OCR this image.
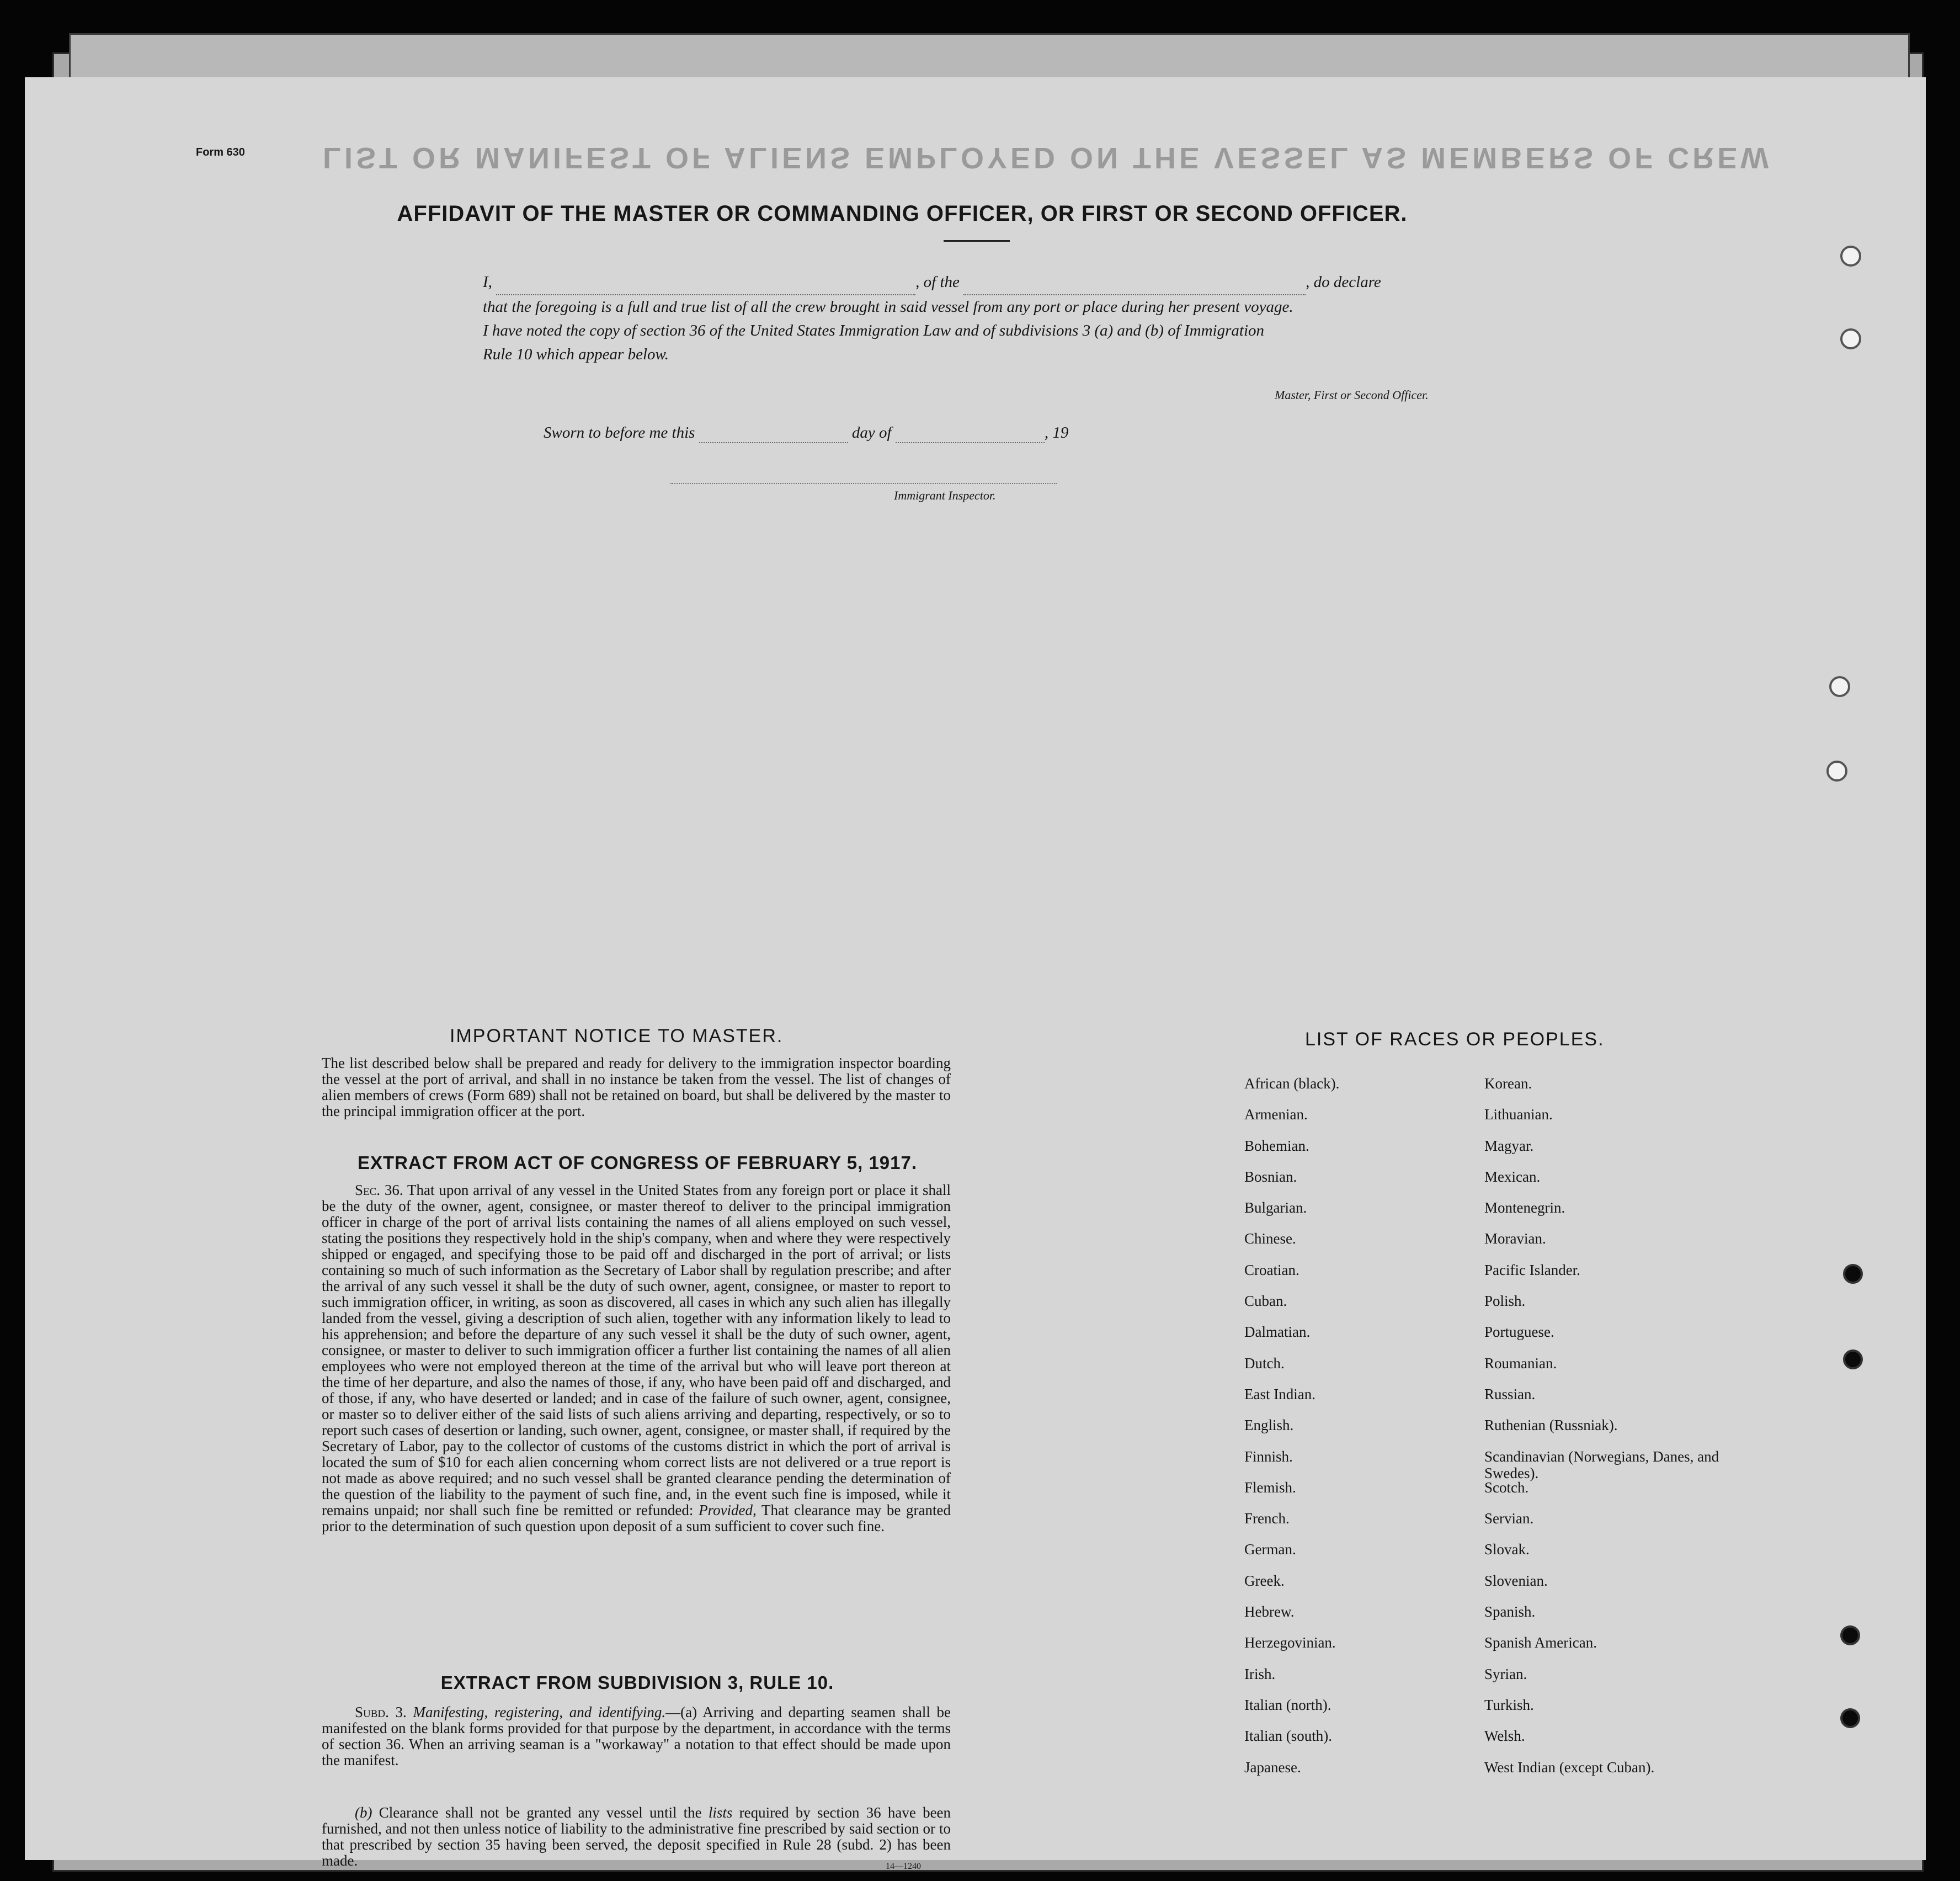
LIST OR MANIFEST OF ALIENS EMPLOYED ON THE VESSEL AS MEMBERS OF CREW
Form 630
AFFIDAVIT OF THE MASTER OR COMMANDING OFFICER, OR FIRST OR SECOND OFFICER.
I,	, of the	, do declare
that the foregoing is a full and true list of all the crew brought in said vessel from any port or place during her present voyage.
I have noted the copy of section 36 of the United States Immigration Law and of subdivisions 3 (a) and (b) of Immigration
Rule 10 which appear below.
Master, First or Second Officer.
Sworn to before me this	day of	, 19
Immigrant Inspector.
IMPORTANT NOTICE TO MASTER.
The list described below shall be prepared and ready for delivery to the immigration inspector boarding the vessel at the port of arrival, and shall in no instance be taken from the vessel. The list of changes of alien members of crews (Form 689) shall not be retained on board, but shall be delivered by the master to the principal immigration officer at the port.
EXTRACT FROM ACT OF CONGRESS OF FEBRUARY 5, 1917.
Sec. 36. That upon arrival of any vessel in the United States from any foreign port or place it shall be the duty of the owner, agent, consignee, or master thereof to deliver to the principal immigration officer in charge of the port of arrival lists containing the names of all aliens employed on such vessel, stating the positions they respectively hold in the ship's company, when and where they were respectively shipped or engaged, and specifying those to be paid off and discharged in the port of arrival; or lists containing so much of such information as the Secretary of Labor shall by regulation prescribe; and after the arrival of any such vessel it shall be the duty of such owner, agent, consignee, or master to report to such immigration officer, in writing, as soon as discovered, all cases in which any such alien has illegally landed from the vessel, giving a description of such alien, together with any information likely to lead to his apprehension; and before the departure of any such vessel it shall be the duty of such owner, agent, consignee, or master to deliver to such immigration officer a further list containing the names of all alien employees who were not employed thereon at the time of the arrival but who will leave port thereon at the time of her departure, and also the names of those, if any, who have been paid off and discharged, and of those, if any, who have deserted or landed; and in case of the failure of such owner, agent, consignee, or master so to deliver either of the said lists of such aliens arriving and departing, respectively, or so to report such cases of desertion or landing, such owner, agent, consignee, or master shall, if required by the Secretary of Labor, pay to the collector of customs of the customs district in which the port of arrival is located the sum of $10 for each alien concerning whom correct lists are not delivered or a true report is not made as above required; and no such vessel shall be granted clearance pending the determination of the question of the liability to the payment of such fine, and, in the event such fine is imposed, while it remains unpaid; nor shall such fine be remitted or refunded: Provided, That clearance may be granted prior to the determination of such question upon deposit of a sum sufficient to cover such fine.
EXTRACT FROM SUBDIVISION 3, RULE 10.
Subd. 3. Manifesting, registering, and identifying.—(a) Arriving and departing seamen shall be manifested on the blank forms provided for that purpose by the department, in accordance with the terms of section 36. When an arriving seaman is a "workaway" a notation to that effect should be made upon the manifest.
(b) Clearance shall not be granted any vessel until the lists required by section 36 have been furnished, and not then unless notice of liability to the administrative fine prescribed by said section or to that prescribed by section 35 having been served, the deposit specified in Rule 28 (subd. 2) has been made.	14—1240
LIST OF RACES OR PEOPLES.
African (black).
Armenian.
Bohemian.
Bosnian.
Bulgarian.
Chinese.
Croatian.
Cuban.
Dalmatian.
Dutch.
East Indian.
English.
Finnish.
Flemish.
French.
German.
Greek.
Hebrew.
Herzegovinian.
Irish.
Italian (north).
Italian (south).
Japanese.
Korean.
Lithuanian.
Magyar.
Mexican.
Montenegrin.
Moravian.
Pacific Islander.
Polish.
Portuguese.
Roumanian.
Russian.
Ruthenian (Russniak).
Scandinavian (Norwegians, Danes, and Swedes).
Scotch.
Servian.
Slovak.
Slovenian.
Spanish.
Spanish American.
Syrian.
Turkish.
Welsh.
West Indian (except Cuban).
